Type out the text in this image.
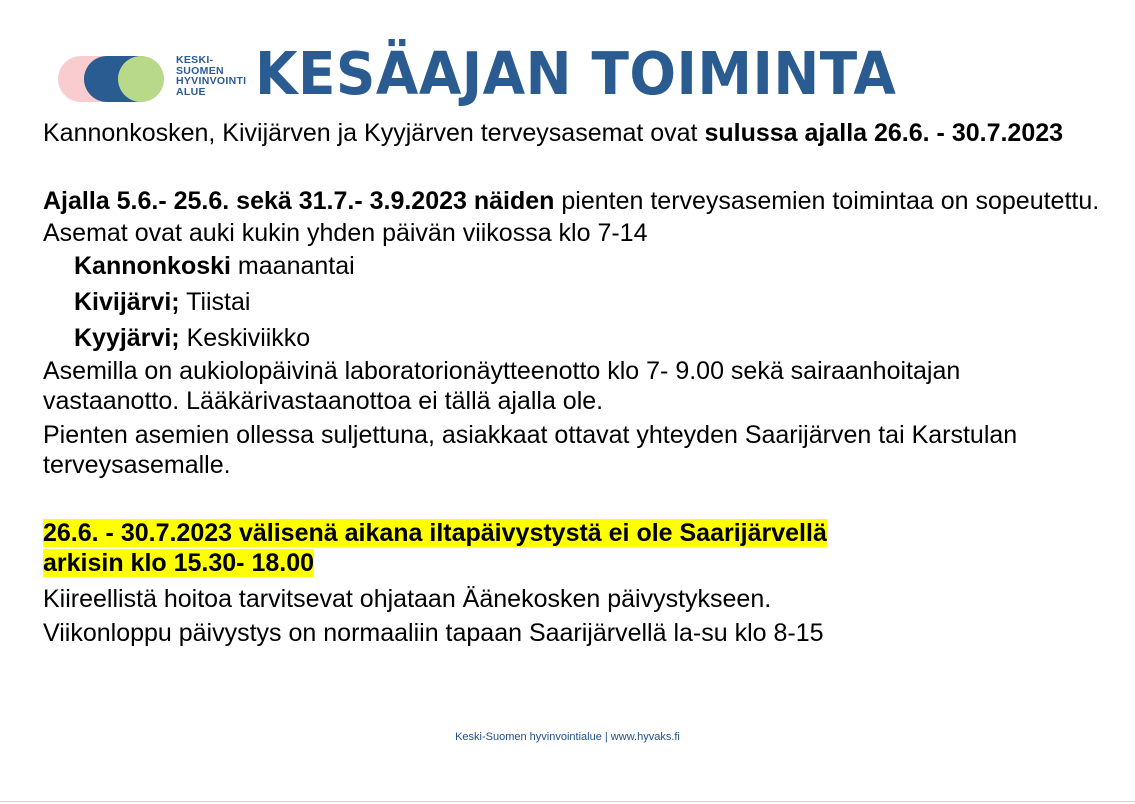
KESKI-
SUOMEN
HYVINVOINTI
ALUE KESÄAJAN TOIMINTA

Kannonkosken, Kivijärven ja Kyyjärven terveysasemat ovat sulussa ajalla 26.6. - 30.7.2023

Ajalla 5.6.- 25.6. sekä 31.7.- 3.9.2023 näiden pienten terveysasemien toimintaa on sopeutettu.

Asemat ovat auki kukin yhden päivän viikossa klo 7-14

Kannonkoski maanantai

Kivijärvi; Tiistai

Kyyjärvi; Keskiviikko

Asemilla on aukiolopäivinä laboratorionäytteenotto klo 7- 9.00 sekä sairaanhoitajan vastaanotto. Lääkärivastaanottoa ei tällä ajalla ole.

Pienten asemien ollessa suljettuna, asiakkaat ottavat yhteyden Saarijärven tai Karstulan terveysasemalle.

26.6. - 30.7.2023 välisenä aikana iltapäivystystä ei ole Saarijärvellä
arkisin klo 15.30- 18.00

Kiireellistä hoitoa tarvitsevat ohjataan Äänekosken päivystykseen.

Viikonloppu päivystys on normaaliin tapaan Saarijärvellä la-su klo 8-15

Keski-Suomen hyvinvointialue | www.hyvaks.fi
